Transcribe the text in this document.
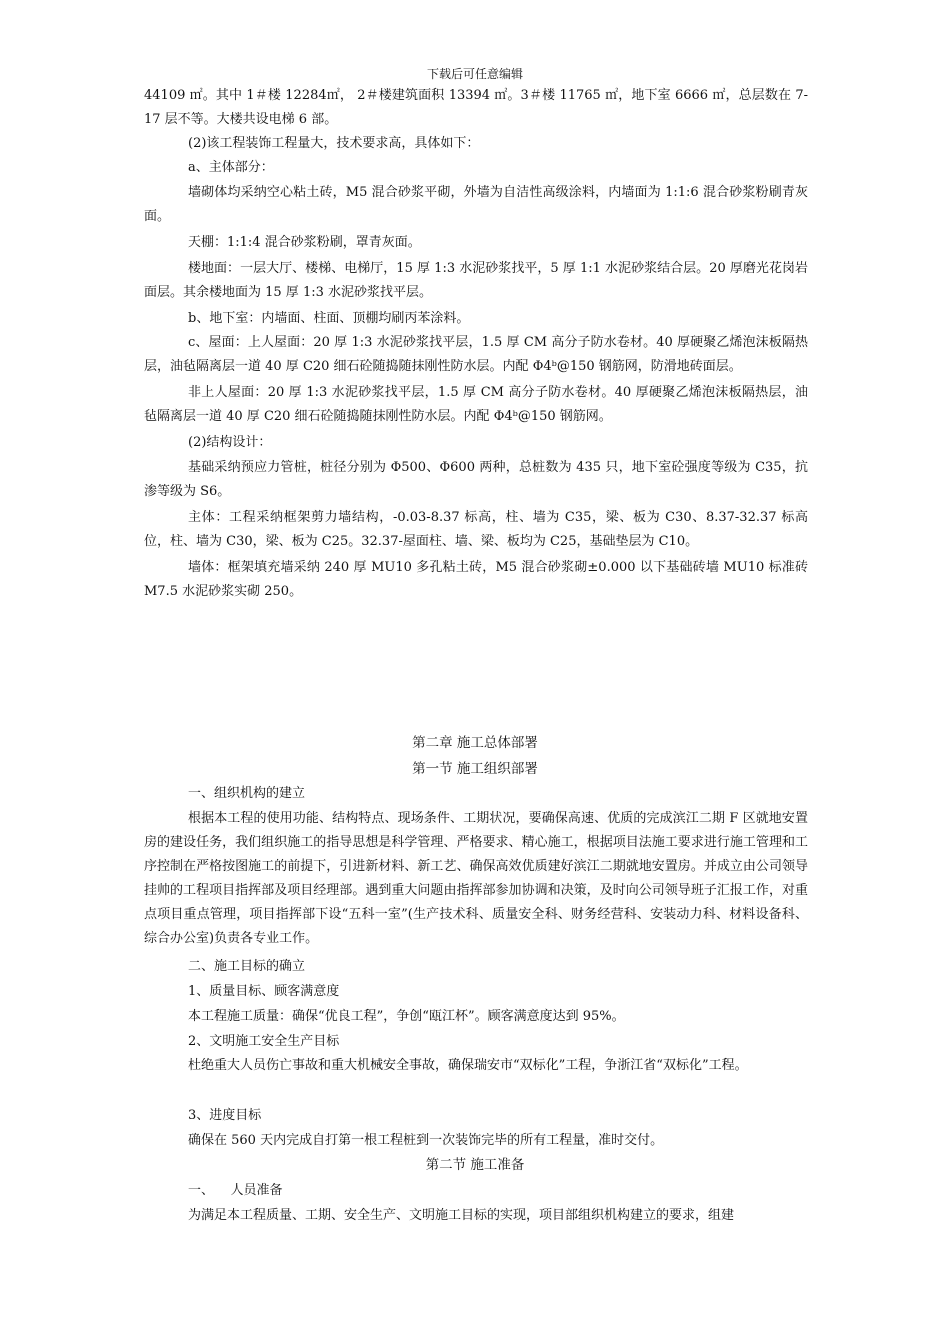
下载后可任意编辑

44109 ㎡。其中 1＃楼 12284㎡， 2＃楼建筑面积 13394 ㎡。3＃楼 11765 ㎡，地下室 6666 ㎡，总层数在 7-17 层不等。大楼共设电梯 6 部。

(2)该工程装饰工程量大，技术要求高，具体如下：

a、主体部分：

墙砌体均采纳空心粘土砖，M5 混合砂浆平砌，外墙为自洁性高级涂料，内墙面为 1:1:6 混合砂浆粉刷青灰面。

天棚：1:1:4 混合砂浆粉刷，罩青灰面。

楼地面：一层大厅、楼梯、电梯厅，15 厚 1:3 水泥砂浆找平，5 厚 1:1 水泥砂浆结合层。20 厚磨光花岗岩面层。其余楼地面为 15 厚 1:3 水泥砂浆找平层。

b、地下室：内墙面、柱面、顶棚均刷丙苯涂料。

c、屋面：上人屋面：20 厚 1:3 水泥砂浆找平层，1.5 厚 CM 高分子防水卷材。40 厚硬聚乙烯泡沫板隔热层，油毡隔离层一道 40 厚 C20 细石砼随捣随抹刚性防水层。内配 Φ4ᵇ@150 钢筋网，防滑地砖面层。

非上人屋面：20 厚 1:3 水泥砂浆找平层，1.5 厚 CM 高分子防水卷材。40 厚硬聚乙烯泡沫板隔热层，油毡隔离层一道 40 厚 C20 细石砼随捣随抹刚性防水层。内配 Φ4ᵇ@150 钢筋网。

(2)结构设计：

基础采纳预应力管桩，桩径分别为 Φ500、Φ600 两种，总桩数为 435 只，地下室砼强度等级为 C35，抗渗等级为 S6。

主体：工程采纳框架剪力墙结构，-0.03-8.37 标高，柱、墙为 C35，梁、板为 C30、8.37-32.37 标高位，柱、墙为 C30，梁、板为 C25。32.37-屋面柱、墙、梁、板均为 C25，基础垫层为 C10。

墙体：框架填充墙采纳 240 厚 MU10 多孔粘土砖，M5 混合砂浆砌±0.000 以下基础砖墙 MU10 标准砖 M7.5 水泥砂浆实砌 250。

第二章 施工总体部署
第一节 施工组织部署

一、组织机构的建立

根据本工程的使用功能、结构特点、现场条件、工期状况，要确保高速、优质的完成滨江二期 F 区就地安置房的建设任务，我们组织施工的指导思想是科学管理、严格要求、精心施工，根据项目法施工要求进行施工管理和工序控制在严格按图施工的前提下，引进新材料、新工艺、确保高效优质建好滨江二期就地安置房。并成立由公司领导挂帅的工程项目指挥部及项目经理部。遇到重大问题由指挥部参加协调和决策，及时向公司领导班子汇报工作，对重点项目重点管理，项目指挥部下设“五科一室”(生产技术科、质量安全科、财务经营科、安装动力科、材料设备科、综合办公室)负责各专业工作。

二、施工目标的确立

1、质量目标、顾客满意度

本工程施工质量：确保“优良工程”，争创“瓯江杯”。顾客满意度达到 95%。

2、文明施工安全生产目标

杜绝重大人员伤亡事故和重大机械安全事故，确保瑞安市“双标化”工程，争浙江省“双标化”工程。

3、进度目标

确保在 560 天内完成自打第一根工程桩到一次装饰完毕的所有工程量，准时交付。

第二节 施工准备

一、    人员准备

为满足本工程质量、工期、安全生产、文明施工目标的实现，项目部组织机构建立的要求，组建
